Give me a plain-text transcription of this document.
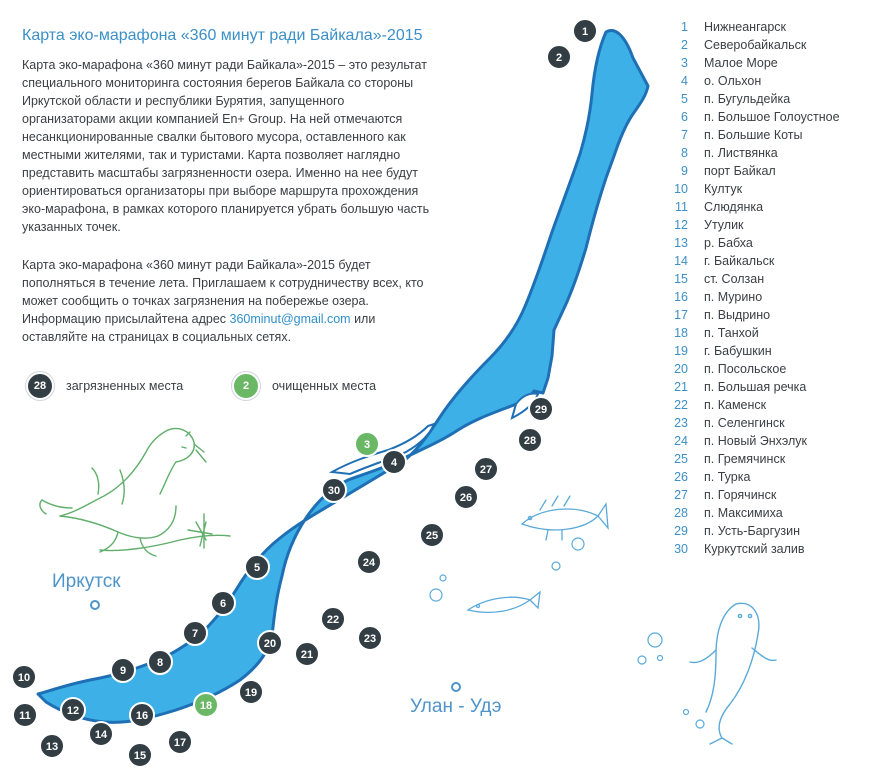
Иркутск
Улан - Удэ
1
2
3
4
5
6
7
8
9
10
11	12
13
14
15
16
17
18
19
20
21
22
23
24
25
26
27
28
29
30
Карта эко-марафона «360 минут ради Байкала»-2015

Карта эко-марафона «360 минут ради Байкала»-2015 – это результат специального мониторинга состояния берегов Байкала со стороны Иркутской области и республики Бурятия, запущенного организаторами акции компанией En+ Group. На ней отмечаются несанкционированные свалки бытового мусора, оставленного как местными жителями, так и туристами. Карта позволяет наглядно представить масштабы загрязненности озера. Именно на нее будут ориентироваться организаторы при выборе маршрута прохождения эко-марафона, в рамках которого планируется убрать большую часть указанных точек.

Карта эко-марафона «360 минут ради Байкала»-2015 будет пополняться в течение лета. Приглашаем к сотрудничеству всех, кто может сообщить о точках загрязнения на побережье озера. Информацию присылайтена адрес 360minut@gmail.com или оставляйте на страницах в социальных сетях.

28	загрязненных места	2	очищенных места
1 Нижнеангарск
2 Северобайкальск
3 Малое Море
4 о. Ольхон
5 п. Бугульдейка
6 п. Большое Голоустное
7 п. Большие Коты
8 п. Листвянка
9 порт Байкал
10 Култук
11 Слюдянка
12 Утулик
13 р. Бабха
14 г. Байкальск
15 ст. Солзан
16 п. Мурино
17 п. Выдрино
18 п. Танхой
19 г. Бабушкин
20 п. Посольское
21 п. Большая речка
22 п. Каменск
23 п. Селенгинск
24 п. Новый Энхэлук
25 п. Гремячинск
26 п. Турка
27 п. Горячинск
28 п. Максимиха
29 п. Усть-Баргузин
30 Куркутский залив
